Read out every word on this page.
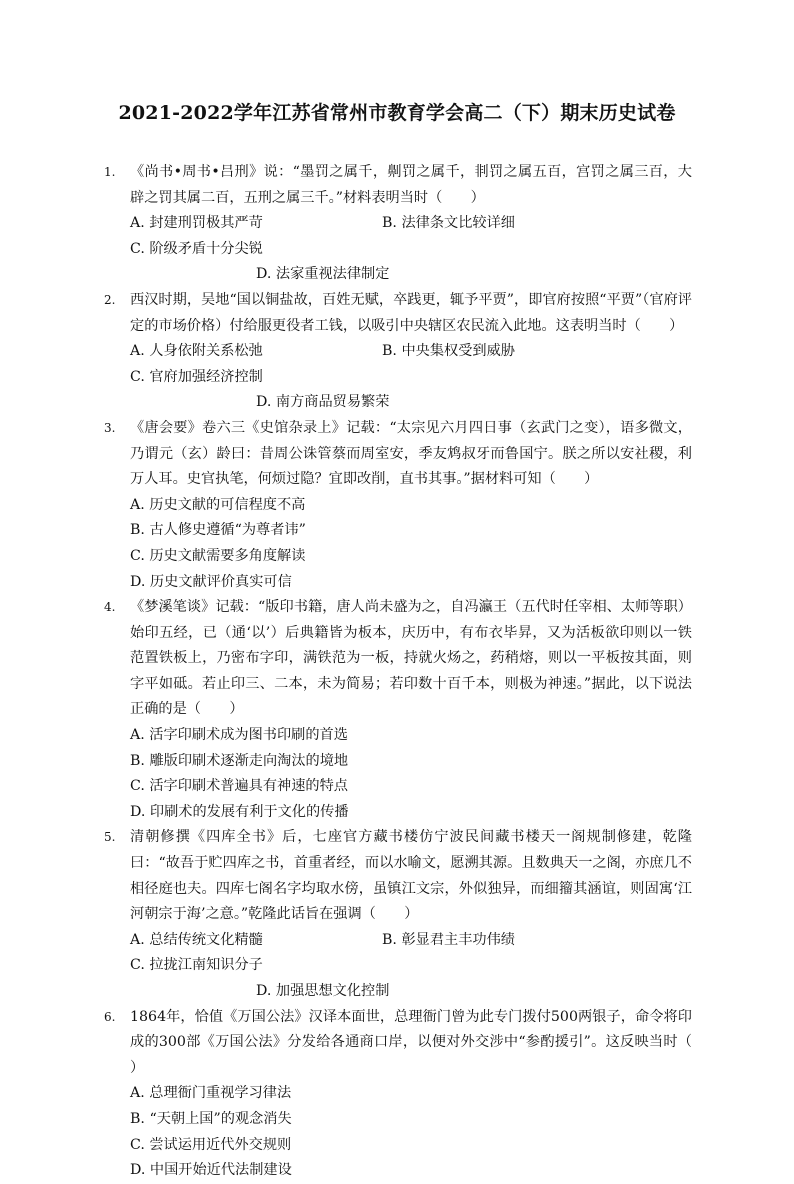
2021-2022学年江苏省常州市教育学会高二（下）期末历史试卷
1. 《尚书•周书•吕刑》说：“墨罚之属千，劓罚之属千，剕罚之属五百，宫罚之属三百，大辟之罚其属二百，五刑之属三千。”材料表明当时（　　）
A. 封建刑罚极其严苛	B. 法律条文比较详细
C. 阶级矛盾十分尖锐
D. 法家重视法律制定
2. 西汉时期，吴地“国以铜盐故，百姓无赋，卒践更，辄予平贾”，即官府按照“平贾”（官府评定的市场价格）付给服更役者工钱，以吸引中央辖区农民流入此地。这表明当时（　　）
A. 人身依附关系松弛	B. 中央集权受到威胁
C. 官府加强经济控制
D. 南方商品贸易繁荣
3. 《唐会要》卷六三《史馆杂录上》记载：“太宗见六月四日事（玄武门之变），语多微文，乃谓元（玄）龄曰：昔周公诛管蔡而周室安，季友鸩叔牙而鲁国宁。朕之所以安社稷，利万人耳。史官执笔，何烦过隐？宜即改削，直书其事。”据材料可知（　　）
A. 历史文献的可信程度不高
B. 古人修史遵循“为尊者讳”
C. 历史文献需要多角度解读
D. 历史文献评价真实可信
4. 《梦溪笔谈》记载：“版印书籍，唐人尚未盛为之，自冯瀛王（五代时任宰相、太师等职）始印五经，已（通‘以’）后典籍皆为板本，庆历中，有布衣毕昇，又为活板欲印则以一铁范置铁板上，乃密布字印，满铁范为一板，持就火炀之，药稍熔，则以一平板按其面，则字平如砥。若止印三、二本，未为简易；若印数十百千本，则极为神速。”据此，以下说法正确的是（　　）
A. 活字印刷术成为图书印刷的首选
B. 雕版印刷术逐渐走向淘汰的境地
C. 活字印刷术普遍具有神速的特点
D. 印刷术的发展有利于文化的传播
5. 清朝修撰《四库全书》后，七座官方藏书楼仿宁波民间藏书楼天一阁规制修建，乾隆曰：“故吾于贮四库之书，首重者经，而以水喻文，愿溯其源。且数典天一之阁，亦庶几不相径庭也夫。四库七阁名字均取水傍，虽镇江文宗，外似独异，而细籀其涵谊，则固寓‘江河朝宗于海’之意。”乾隆此话旨在强调（　　）
A. 总结传统文化精髓	B. 彰显君主丰功伟绩
C. 拉拢江南知识分子
D. 加强思想文化控制
6. 1864年，恰值《万国公法》汉译本面世，总理衙门曾为此专门拨付500两银子，命令将印成的300部《万国公法》分发给各通商口岸，以便对外交涉中“参酌援引”。这反映当时（　　）
A. 总理衙门重视学习律法
B. “天朝上国”的观念消失
C. 尝试运用近代外交规则
D. 中国开始近代法制建设
